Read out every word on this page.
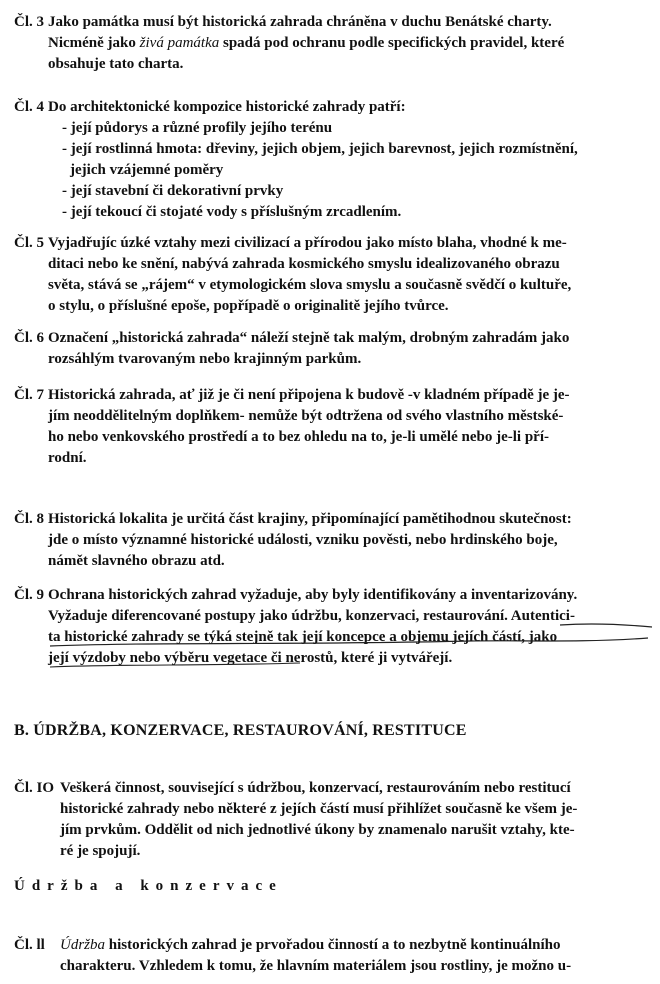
Čl. 3 Jako památka musí být historická zahrada chráněna v duchu Benátské charty.
Nicméně jako živá památka spadá pod ochranu podle specifických pravidel, které
obsahuje tato charta.
Čl. 4 Do architektonické kompozice historické zahrady patří:
- její půdorys a různé profily jejího terénu
- její rostlinná hmota: dřeviny, jejich objem, jejich barevnost, jejich rozmístnění,
jejich vzájemné poměry
- její stavební či dekorativní prvky
- její tekoucí či stojaté vody s příslušným zrcadlením.
Čl. 5 Vyjadřujíc úzké vztahy mezi civilizací a přírodou jako místo blaha, vhodné k me-
ditaci nebo ke snění, nabývá zahrada kosmického smyslu idealizovaného obrazu
světa, stává se „rájem“ v etymologickém slova smyslu a současně svědčí o kultuře,
o stylu, o příslušné epoše, popřípadě o originalitě jejího tvůrce.
Čl. 6 Označení „historická zahrada“ náleží stejně tak malým, drobným zahradám jako
rozsáhlým tvarovaným nebo krajinným parkům.
Čl. 7 Historická zahrada, ať již je či není připojena k budově -v kladném případě je je-
jím neoddělitelným doplňkem- nemůže být odtržena od svého vlastního městské-
ho nebo venkovského prostředí a to bez ohledu na to, je-li umělé nebo je-li pří-
rodní.
Čl. 8 Historická lokalita je určitá část krajiny, připomínající pamětihodnou skutečnost:
jde o místo významné historické události, vzniku pověsti, nebo hrdinského boje,
námět slavného obrazu atd.
Čl. 9 Ochrana historických zahrad vyžaduje, aby byly identifikovány a inventarizovány.
Vyžaduje diferencované postupy jako údržbu, konzervaci, restaurování. Autentici-
ta historické zahrady se týká stejně tak její koncepce a objemu jejích částí, jako
její výzdoby nebo výběru vegetace či nerostů, které ji vytvářejí.
B. ÚDRŽBA, KONZERVACE, RESTAUROVÁNÍ, RESTITUCE
Čl. IO Veškerá činnost, související s údržbou, konzervací, restaurováním nebo restitucí
historické zahrady nebo některé z jejích částí musí přihlížet současně ke všem je-
jím prvkům. Oddělit od nich jednotlivé úkony by znamenalo narušit vztahy, kte-
ré je spojují.
Údržba a konzervace
Čl. ll	Údržba historických zahrad je prvořadou činností a to nezbytně kontinuálního
charakteru. Vzhledem k tomu, že hlavním materiálem jsou rostliny, je možno u-
